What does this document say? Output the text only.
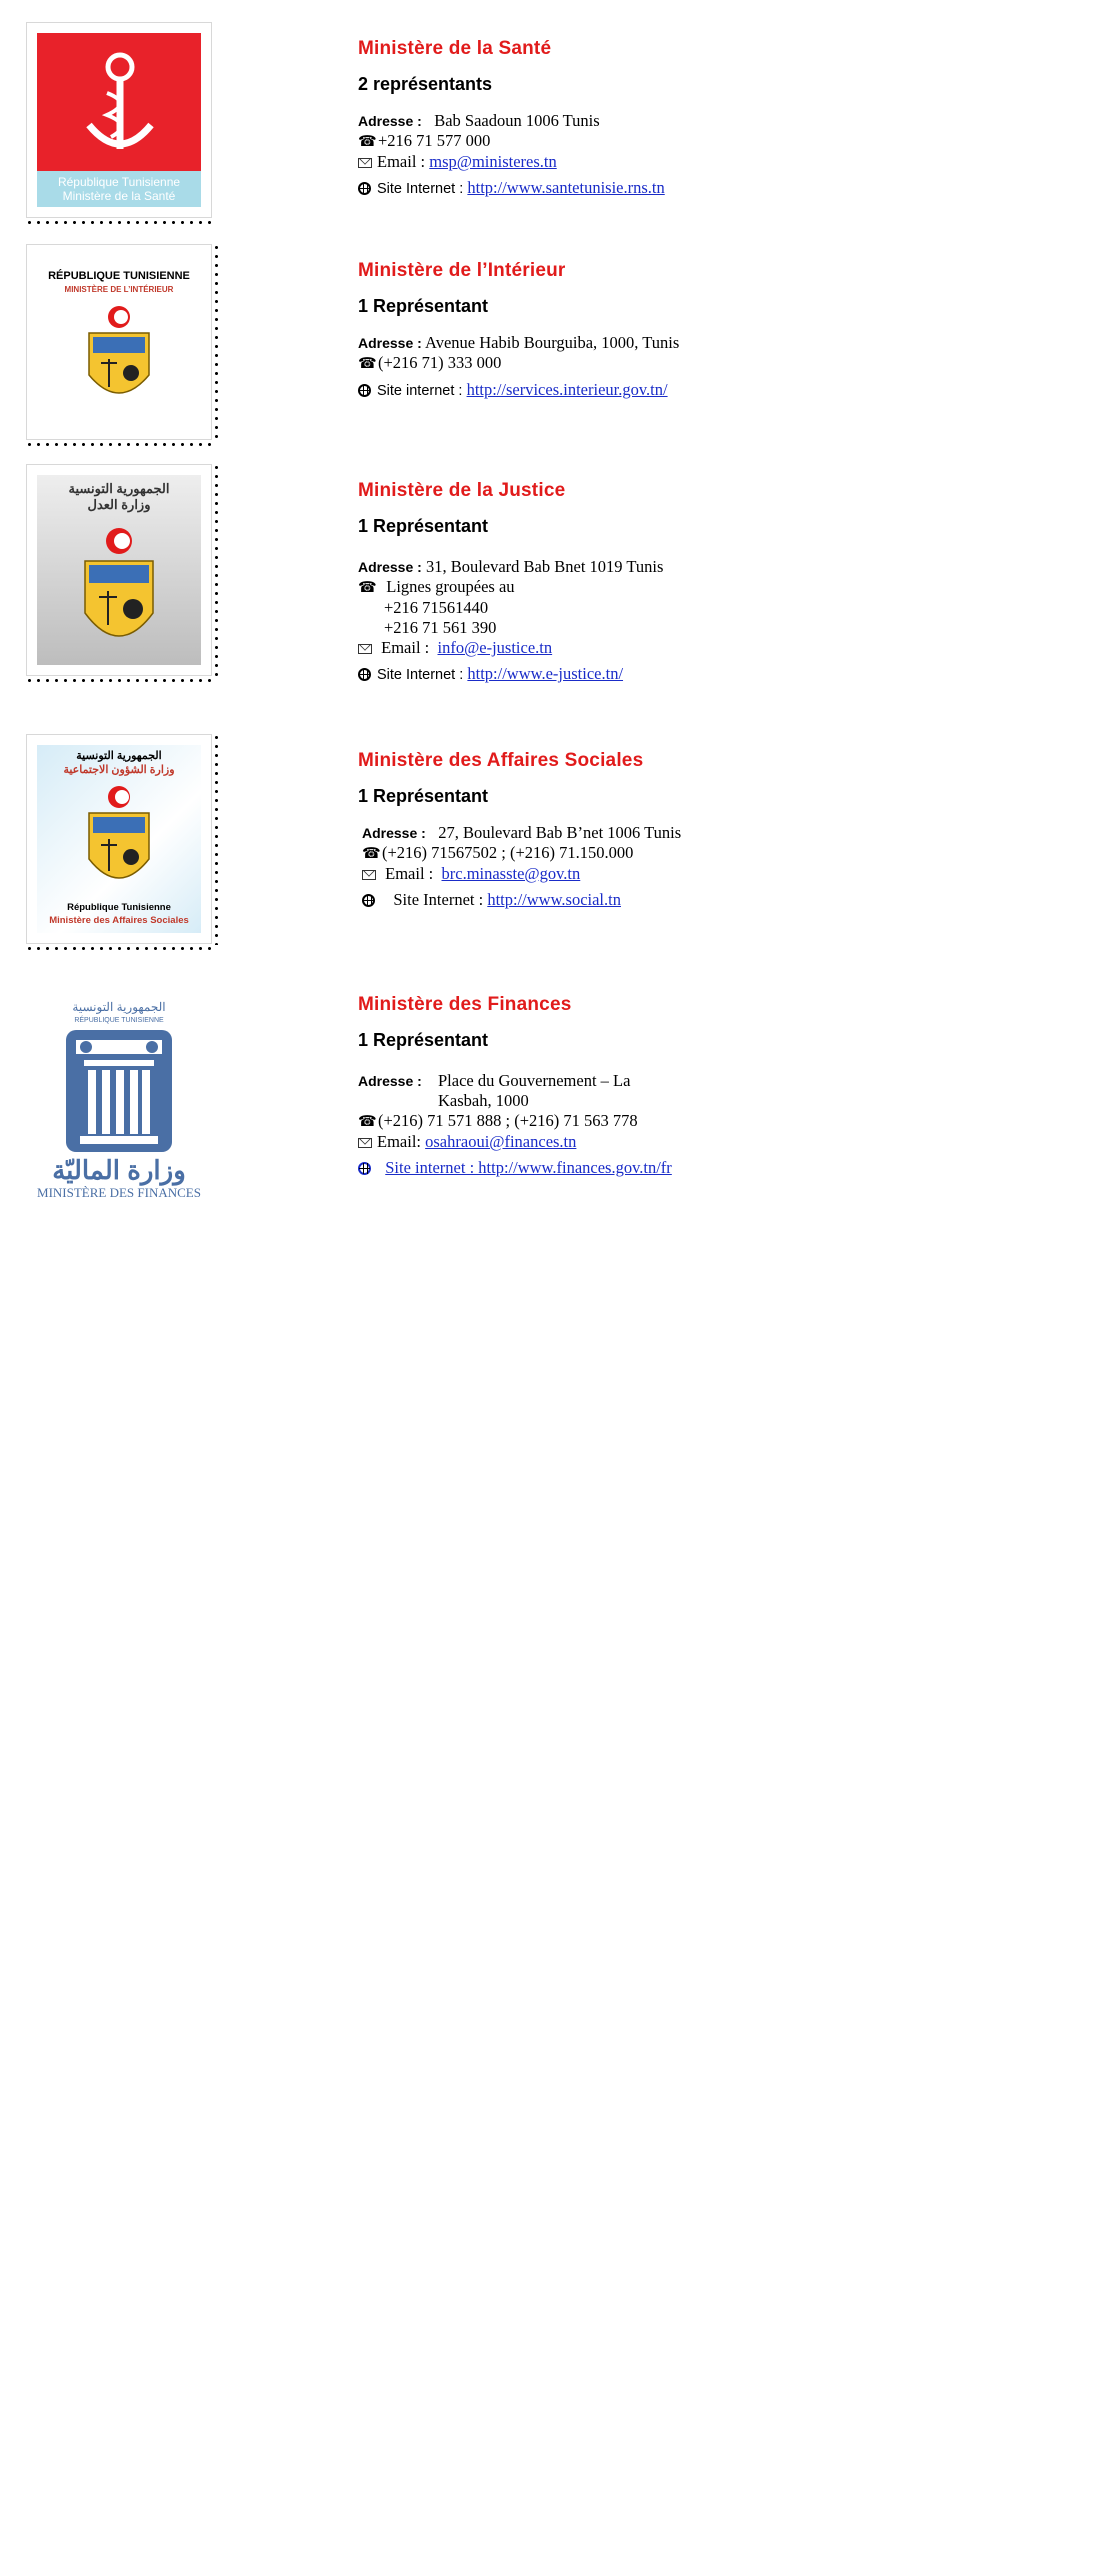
République Tunisienne
Ministère de la Santé
Ministère de la Santé
2 représentants
Adresse : Bab Saadoun 1006 Tunis
☎+216 71 577 000
Email : msp@ministeres.tn
Site Internet : http://www.santetunisie.rns.tn
RÉPUBLIQUE TUNISIENNE
MINISTÈRE DE L’INTÉRIEUR
Ministère de l’Intérieur
1 Représentant
Adresse : Avenue Habib Bourguiba, 1000, Tunis
☎(+216 71) 333 000
Site internet : http://services.interieur.gov.tn/
الجمهورية التونسية
وزارة العدل
Ministère de la Justice
1 Représentant
Adresse : 31, Boulevard Bab Bnet 1019 Tunis
☎ Lignes groupées au
+216 71561440
+216 71 561 390
Email : info@e-justice.tn
Site Internet : http://www.e-justice.tn/
الجمهورية التونسية
وزارة الشؤون الاجتماعية
République Tunisienne
Ministère des Affaires Sociales
Ministère des Affaires Sociales
1 Représentant
Adresse : 27, Boulevard Bab B’net 1006 Tunis
☎(+216) 71567502 ; (+216) 71.150.000
Email : brc.minasste@gov.tn
Site Internet : http://www.social.tn
الجمهورية التونسية
RÉPUBLIQUE TUNISIENNE
وزارة الماليّة
MINISTÈRE DES FINANCES
Ministère des Finances
1 Représentant
Adresse : Place du Gouvernement – La
Kasbah, 1000
☎(+216) 71 571 888 ; (+216) 71 563 778
Email: osahraoui@finances.tn
Site internet : http://www.finances.gov.tn/fr
